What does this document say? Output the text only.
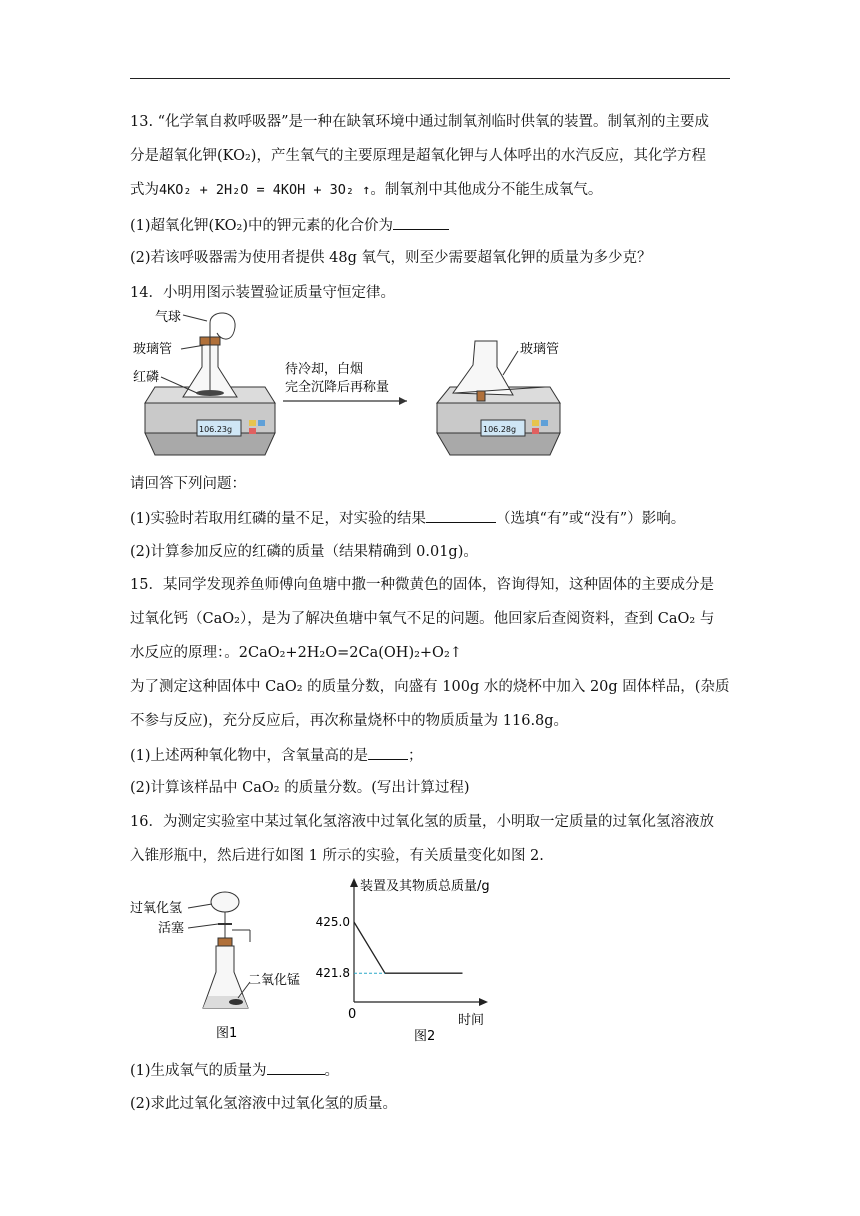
13. “化学氧自救呼吸器”是一种在缺氧环境中通过制氧剂临时供氧的装置。制氧剂的主要成
分是超氧化钾(KO₂)，产生氧气的主要原理是超氧化钾与人体呼出的水汽反应，其化学方程
式为4KO₂ + 2H₂O = 4KOH + 3O₂ ↑。制氧剂中其他成分不能生成氧气。
(1)超氧化钾(KO₂)中的钾元素的化合价为
(2)若该呼吸器需为使用者提供 48g 氧气，则至少需要超氧化钾的质量为多少克？
14．小明用图示装置验证质量守恒定律。
106.23g
气球
玻璃管
红磷
待冷却，白烟
完全沉降后再称量
106.28g
玻璃管
请回答下列问题：
(1)实验时若取用红磷的量不足，对实验的结果	（选填“有”或“没有”）影响。
(2)计算参加反应的红磷的质量（结果精确到 0.01g)。
15．某同学发现养鱼师傅向鱼塘中撒一种微黄色的固体，咨询得知，这种固体的主要成分是
过氧化钙（CaO₂），是为了解决鱼塘中氧气不足的问题。他回家后查阅资料，查到 CaO₂ 与
水反应的原理：。2CaO₂+2H₂O=2Ca(OH)₂+O₂↑
为了测定这种固体中 CaO₂ 的质量分数，向盛有 100g 水的烧杯中加入 20g 固体样品，(杂质
不参与反应)，充分反应后，再次称量烧杯中的物质质量为 116.8g。
(1)上述两种氧化物中，含氧量高的是	；
(2)计算该样品中 CaO₂ 的质量分数。(写出计算过程)
16．为测定实验室中某过氧化氢溶液中过氧化氢的质量，小明取一定质量的过氧化氢溶液放
入锥形瓶中，然后进行如图 1 所示的实验，有关质量变化如图 2.
过氧化氢
活塞
二氧化锰
图1
装置及其物质总质量/g
时间
0
图2
425.0
421.8
(1)生成氧气的质量为	。
(2)求此过氧化氢溶液中过氧化氢的质量。
